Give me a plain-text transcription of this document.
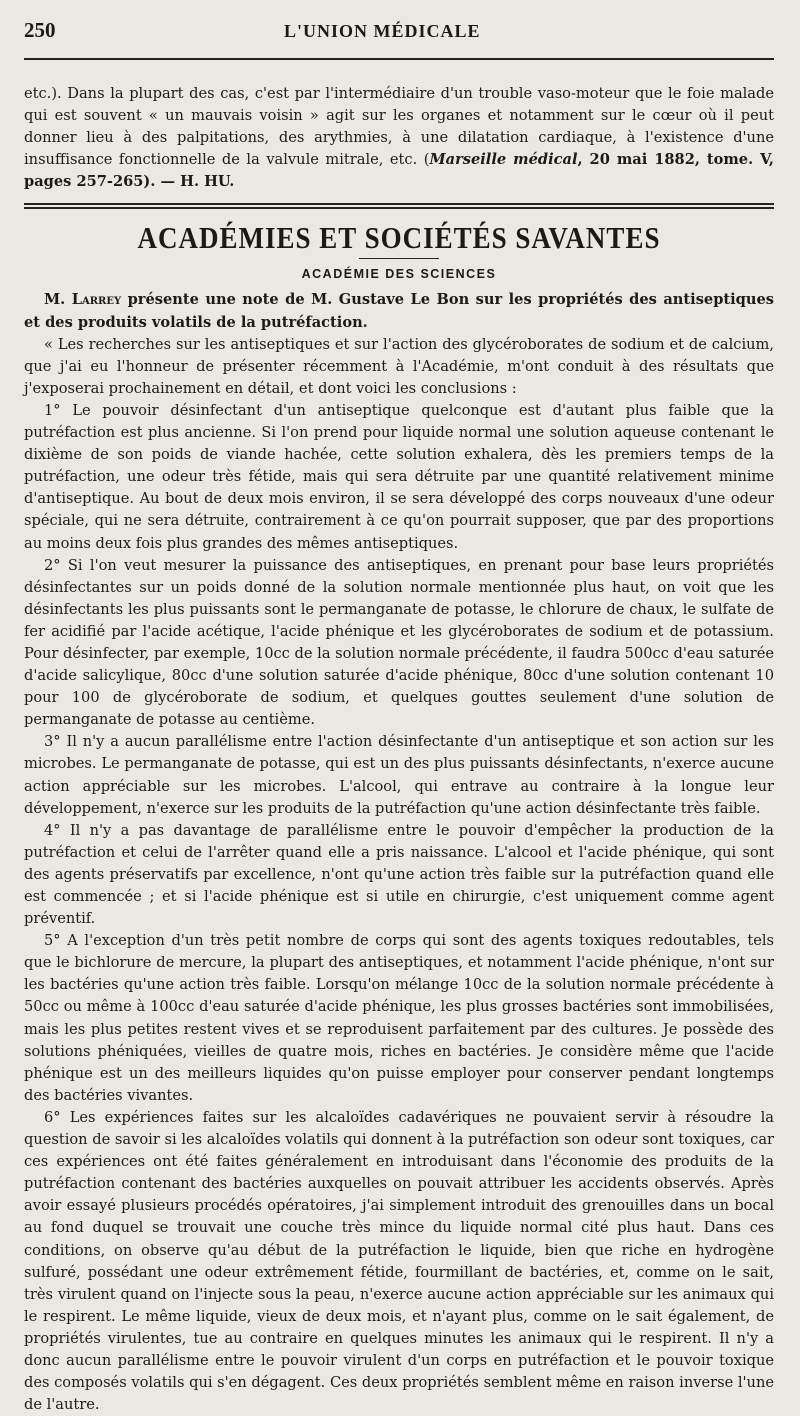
250	L'UNION MÉDICALE

etc.). Dans la plupart des cas, c'est par l'intermédiaire d'un trouble vaso-moteur que le foie malade qui est souvent « un mauvais voisin » agit sur les organes et notamment sur le cœur où il peut donner lieu à des palpitations, des arythmies, à une dilatation cardiaque, à l'existence d'une insuffisance fonctionnelle de la valvule mitrale, etc. (Marseille médical, 20 mai 1882, tome. V, pages 257-265). — H. HU.

ACADÉMIES ET SOCIÉTÉS SAVANTES
ACADÉMIE DES SCIENCES

M. Larrey présente une note de M. Gustave Le Bon sur les propriétés des antiseptiques et des produits volatils de la putréfaction.

« Les recherches sur les antiseptiques et sur l'action des glycéroborates de sodium et de calcium, que j'ai eu l'honneur de présenter récemment à l'Académie, m'ont conduit à des résultats que j'exposerai prochainement en détail, et dont voici les conclusions :

1° Le pouvoir désinfectant d'un antiseptique quelconque est d'autant plus faible que la putréfaction est plus ancienne. Si l'on prend pour liquide normal une solution aqueuse contenant le dixième de son poids de viande hachée, cette solution exhalera, dès les premiers temps de la putréfaction, une odeur très fétide, mais qui sera détruite par une quantité relativement minime d'antiseptique. Au bout de deux mois environ, il se sera développé des corps nouveaux d'une odeur spéciale, qui ne sera détruite, contrairement à ce qu'on pourrait supposer, que par des proportions au moins deux fois plus grandes des mêmes antiseptiques.

2° Si l'on veut mesurer la puissance des antiseptiques, en prenant pour base leurs propriétés désinfectantes sur un poids donné de la solution normale mentionnée plus haut, on voit que les désinfectants les plus puissants sont le permanganate de potasse, le chlorure de chaux, le sulfate de fer acidifié par l'acide acétique, l'acide phénique et les glycéroborates de sodium et de potassium. Pour désinfecter, par exemple, 10cc de la solution normale précédente, il faudra 500cc d'eau saturée d'acide salicylique, 80cc d'une solution saturée d'acide phénique, 80cc d'une solution contenant 10 pour 100 de glycéroborate de sodium, et quelques gouttes seulement d'une solution de permanganate de potasse au centième.

3° Il n'y a aucun parallélisme entre l'action désinfectante d'un antiseptique et son action sur les microbes. Le permanganate de potasse, qui est un des plus puissants désinfectants, n'exerce aucune action appréciable sur les microbes. L'alcool, qui entrave au contraire à la longue leur développement, n'exerce sur les produits de la putréfaction qu'une action désinfectante très faible.

4° Il n'y a pas davantage de parallélisme entre le pouvoir d'empêcher la production de la putréfaction et celui de l'arrêter quand elle a pris naissance. L'alcool et l'acide phénique, qui sont des agents préservatifs par excellence, n'ont qu'une action très faible sur la putréfaction quand elle est commencée ; et si l'acide phénique est si utile en chirurgie, c'est uniquement comme agent préventif.

5° A l'exception d'un très petit nombre de corps qui sont des agents toxiques redoutables, tels que le bichlorure de mercure, la plupart des antiseptiques, et notamment l'acide phénique, n'ont sur les bactéries qu'une action très faible. Lorsqu'on mélange 10cc de la solution normale précédente à 50cc ou même à 100cc d'eau saturée d'acide phénique, les plus grosses bactéries sont immobilisées, mais les plus petites restent vives et se reproduisent parfaitement par des cultures. Je possède des solutions phéniquées, vieilles de quatre mois, riches en bactéries. Je considère même que l'acide phénique est un des meilleurs liquides qu'on puisse employer pour conserver pendant longtemps des bactéries vivantes.

6° Les expériences faites sur les alcaloïdes cadavériques ne pouvaient servir à résoudre la question de savoir si les alcaloïdes volatils qui donnent à la putréfaction son odeur sont toxiques, car ces expériences ont été faites généralement en introduisant dans l'économie des produits de la putréfaction contenant des bactéries auxquelles on pouvait attribuer les accidents observés. Après avoir essayé plusieurs procédés opératoires, j'ai simplement introduit des grenouilles dans un bocal au fond duquel se trouvait une couche très mince du liquide normal cité plus haut. Dans ces conditions, on observe qu'au début de la putréfaction le liquide, bien que riche en hydrogène sulfuré, possédant une odeur extrêmement fétide, fourmillant de bactéries, et, comme on le sait, très virulent quand on l'injecte sous la peau, n'exerce aucune action appréciable sur les animaux qui le respirent. Le même liquide, vieux de deux mois, et n'ayant plus, comme on le sait également, de propriétés virulentes, tue au contraire en quelques minutes les animaux qui le respirent. Il n'y a donc aucun parallélisme entre le pouvoir virulent d'un corps en putréfaction et le pouvoir toxique des composés volatils qui s'en dégagent. Ces deux propriétés semblent même en raison inverse l'une de l'autre.
